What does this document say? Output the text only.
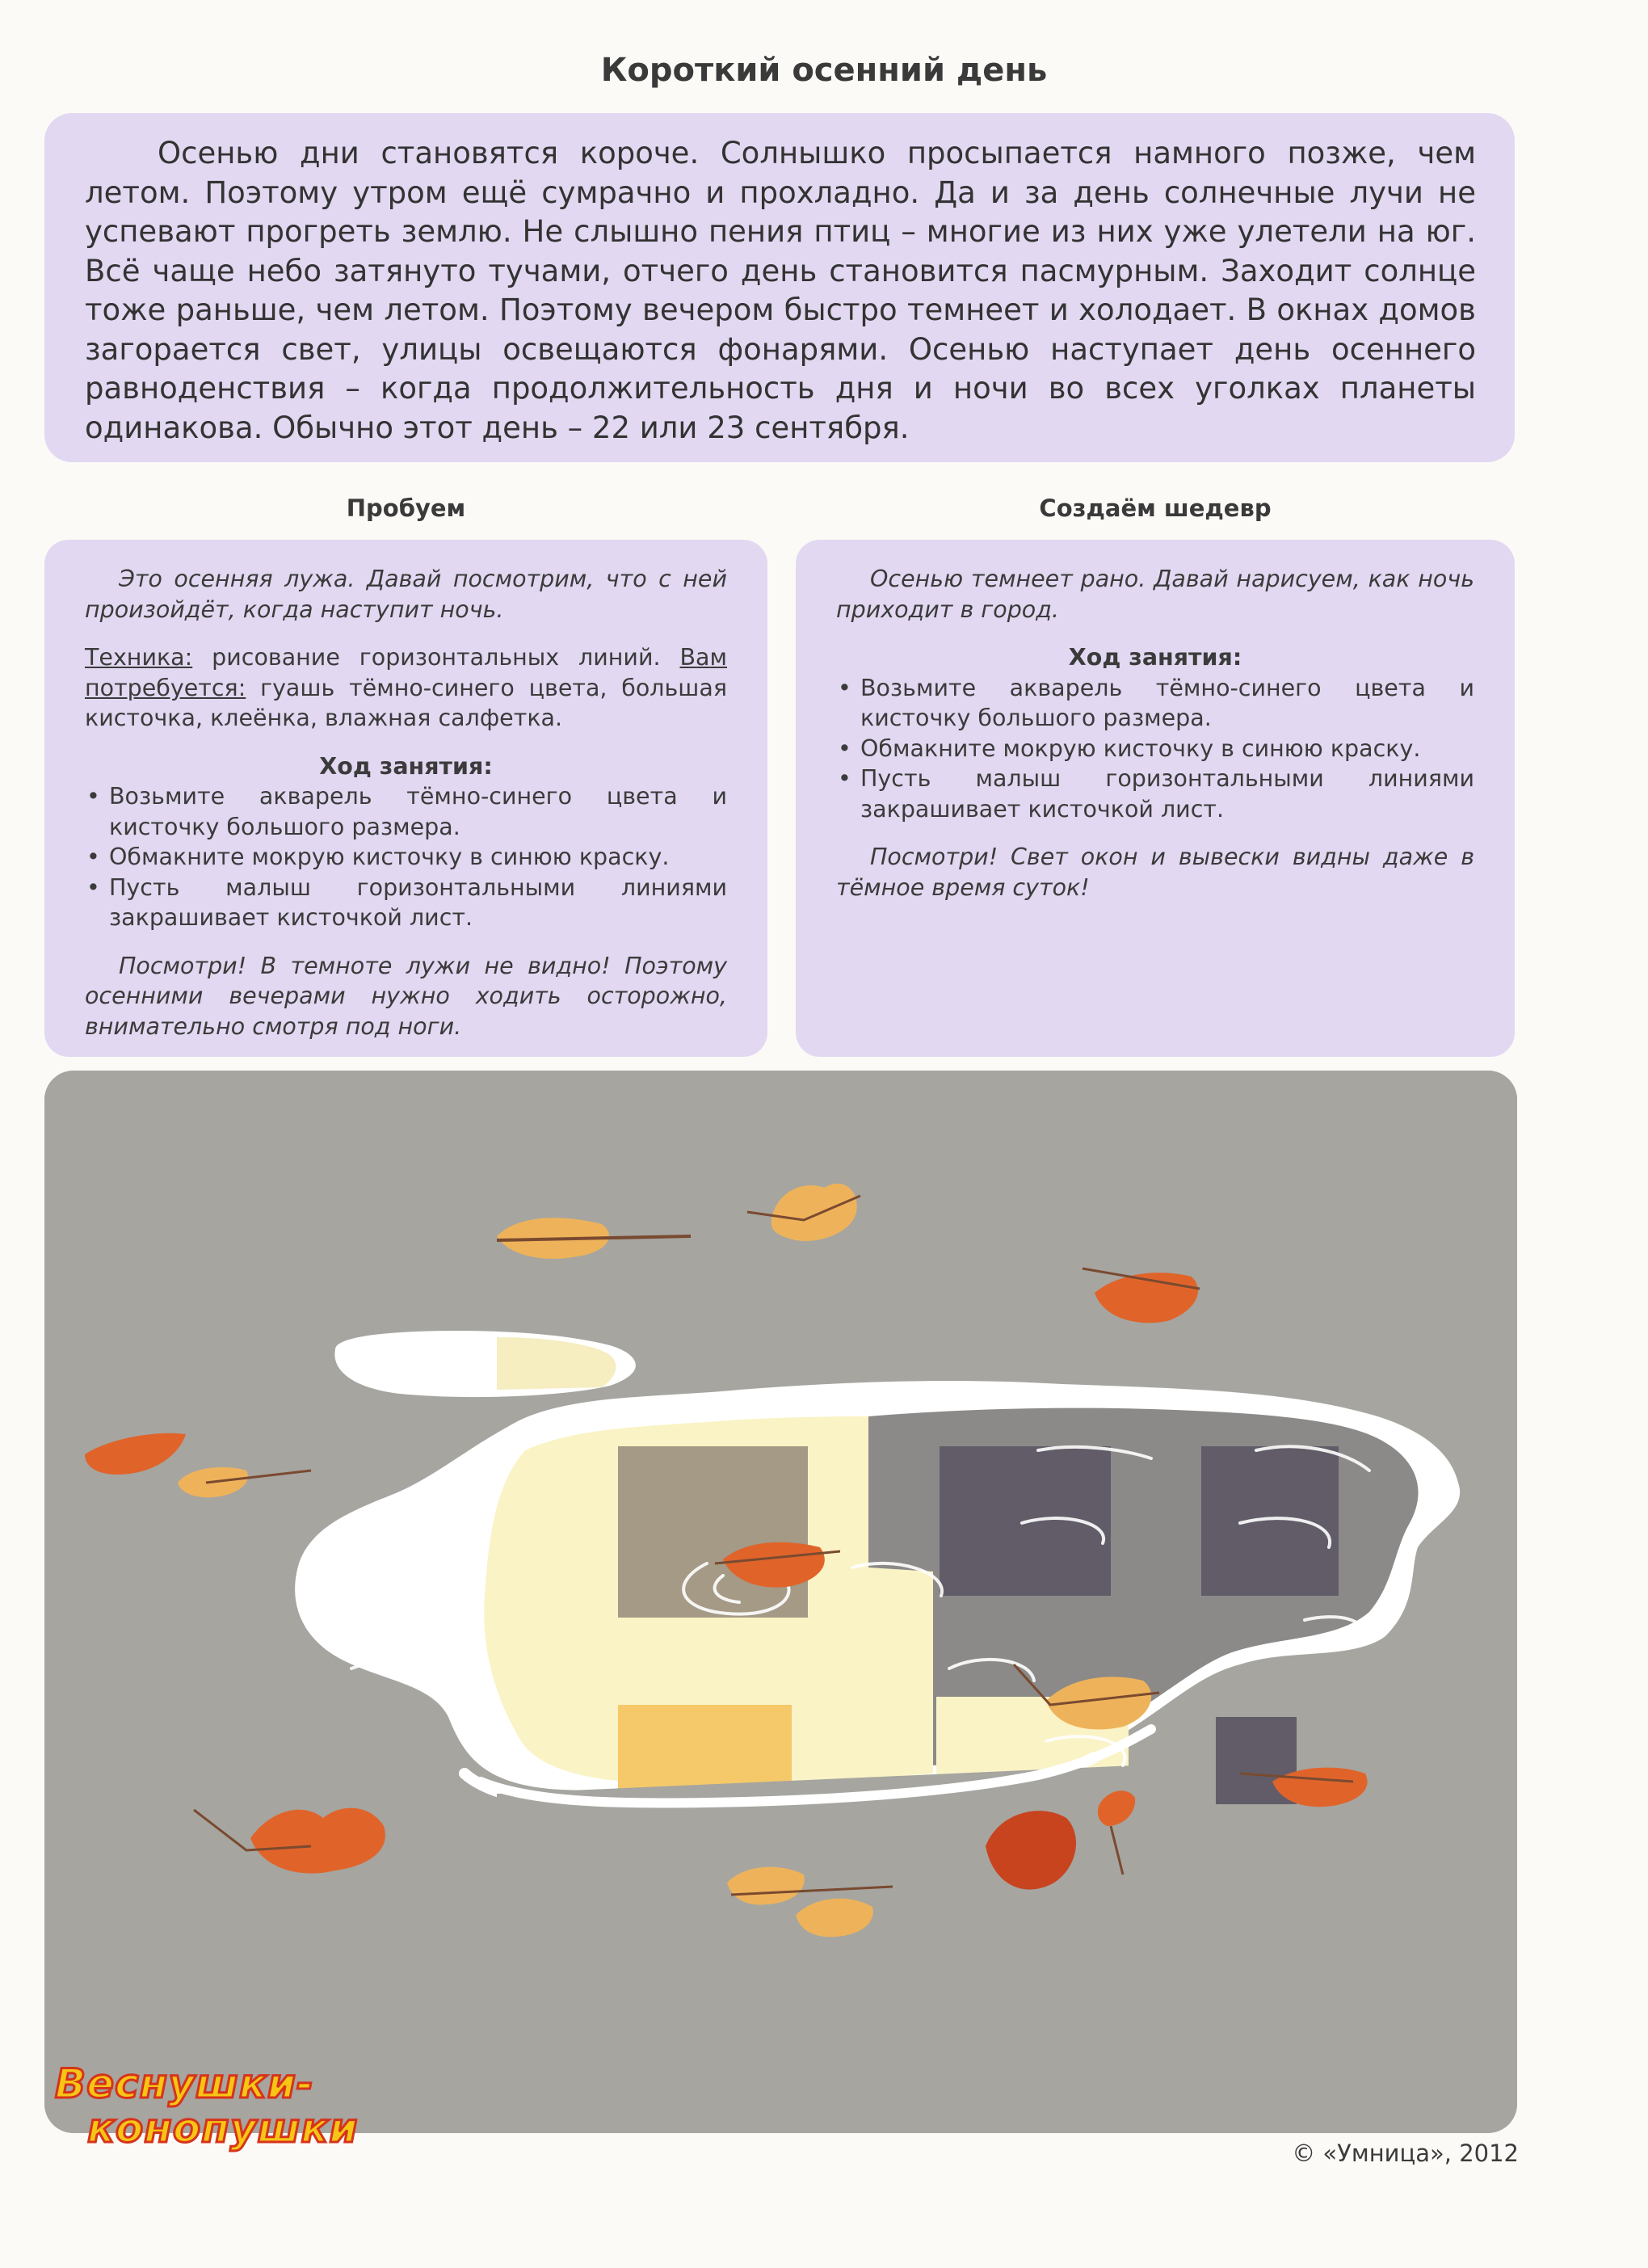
Короткий осенний день

Осенью дни становятся короче. Солнышко просыпается намного позже, чем летом. Поэтому утром ещё сумрачно и прохладно. Да и за день солнечные лучи не успевают прогреть землю. Не слышно пения птиц – многие из них уже улетели на юг. Всё чаще небо затянуто тучами, отчего день становится пасмурным. Заходит солнце тоже раньше, чем летом. Поэтому вечером быстро темнеет и холодает. В окнах домов загорается свет, улицы освещаются фонарями. Осенью наступает день осеннего равноденствия – когда продолжительность дня и ночи во всех уголках планеты одинакова. Обычно этот день – 22 или 23 сентября.

Пробуем	Создаём шедевр

Это осенняя лужа. Давай посмотрим, что с ней произойдёт, когда наступит ночь.

Техника: рисование горизонтальных линий. Вам потребуется: гуашь тёмно-синего цвета, большая кисточка, клеёнка, влажная салфетка.

Ход занятия:
• Возьмите акварель тёмно-синего цвета и кисточку большого размера.
• Обмакните мокрую кисточку в синюю краску.
• Пусть малыш горизонтальными линиями закрашивает кисточкой лист.

Посмотри! В темноте лужи не видно! Поэтому осенними вечерами нужно ходить осторожно, внимательно смотря под ноги.

Осенью темнеет рано. Давай нарисуем, как ночь приходит в город.

Ход занятия:
• Возьмите акварель тёмно-синего цвета и кисточку большого размера.
• Обмакните мокрую кисточку в синюю краску.
• Пусть малыш горизонтальными линиями закрашивает кисточкой лист.

Посмотри! Свет окон и вывески видны даже в тёмное время суток!

Веснушки-
конопушки
© «Умница», 2012
